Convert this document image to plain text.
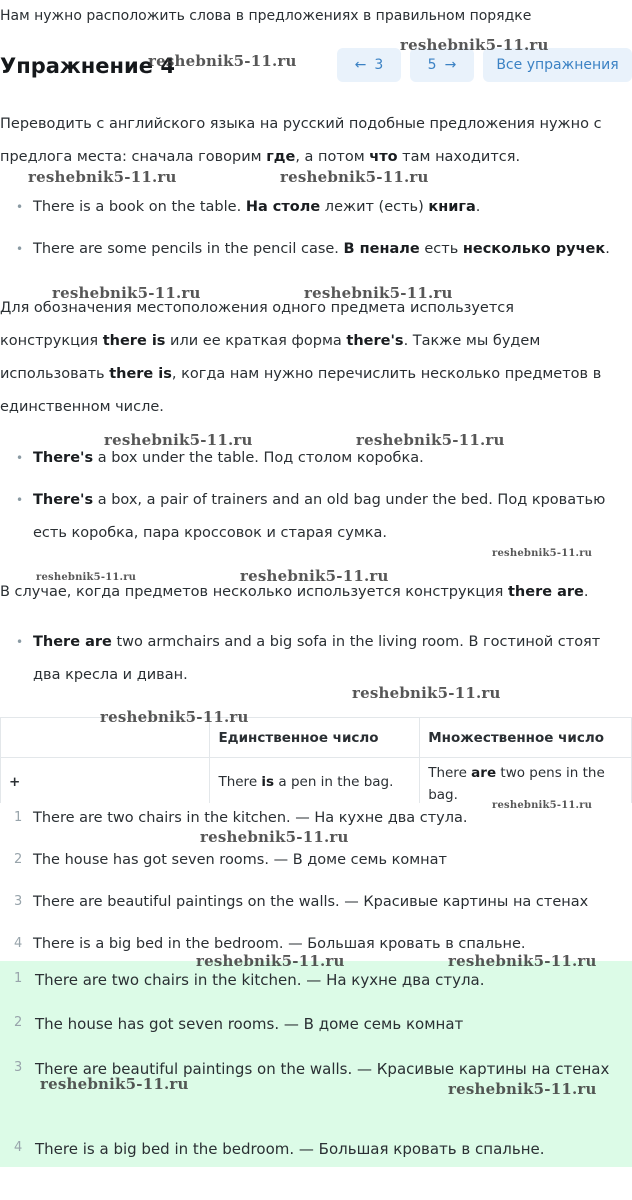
Нам нужно расположить слова в предложениях в правильном порядке
Упражнение 4	← 3	5 →	Все упражнения
Переводить с английского языка на русский подобные предложения нужно с
предлога места: сначала говорим где, а потом что там находится.
• There is a book on the table. На столе лежит (есть) книга.
• There are some pencils in the pencil case. В пенале есть несколько ручек.
Для обозначения местоположения одного предмета используется
конструкция there is или ее краткая форма there's. Также мы будем
использовать there is, когда нам нужно перечислить несколько предметов в
единственном числе.
• There's a box under the table. Под столом коробка.
• There's a box, a pair of trainers and an old bag under the bed. Под кроватью
есть коробка, пара кроссовок и старая сумка.
В случае, когда предметов несколько используется конструкция there are.
• There are two armchairs and a big sofa in the living room. В гостиной стоят
два кресла и диван.
	Единственное число	Множественное число
+	There is a pen in the bag.	There are two pens in the
bag.
1 There are two chairs in the kitchen. — На кухне два стула.
2 The house has got seven rooms. — В доме семь комнат
3 There are beautiful paintings on the walls. — Красивые картины на стенах
4 There is a big bed in the bedroom. — Большая кровать в спальне.
1 There are two chairs in the kitchen. — На кухне два стула.
2 The house has got seven rooms. — В доме семь комнат
3 There are beautiful paintings on the walls. — Красивые картины на стенах
4 There is a big bed in the bedroom. — Большая кровать в спальне.
reshebnik5-11.ru
reshebnik5-11.ru
reshebnik5-11.ru	reshebnik5-11.ru
reshebnik5-11.ru	reshebnik5-11.ru
reshebnik5-11.ru	reshebnik5-11.ru
reshebnik5-11.ru
reshebnik5-11.ru	reshebnik5-11.ru
reshebnik5-11.ru
reshebnik5-11.ru
reshebnik5-11.ru
reshebnik5-11.ru
reshebnik5-11.ru	reshebnik5-11.ru
reshebnik5-11.ru	reshebnik5-11.ru
